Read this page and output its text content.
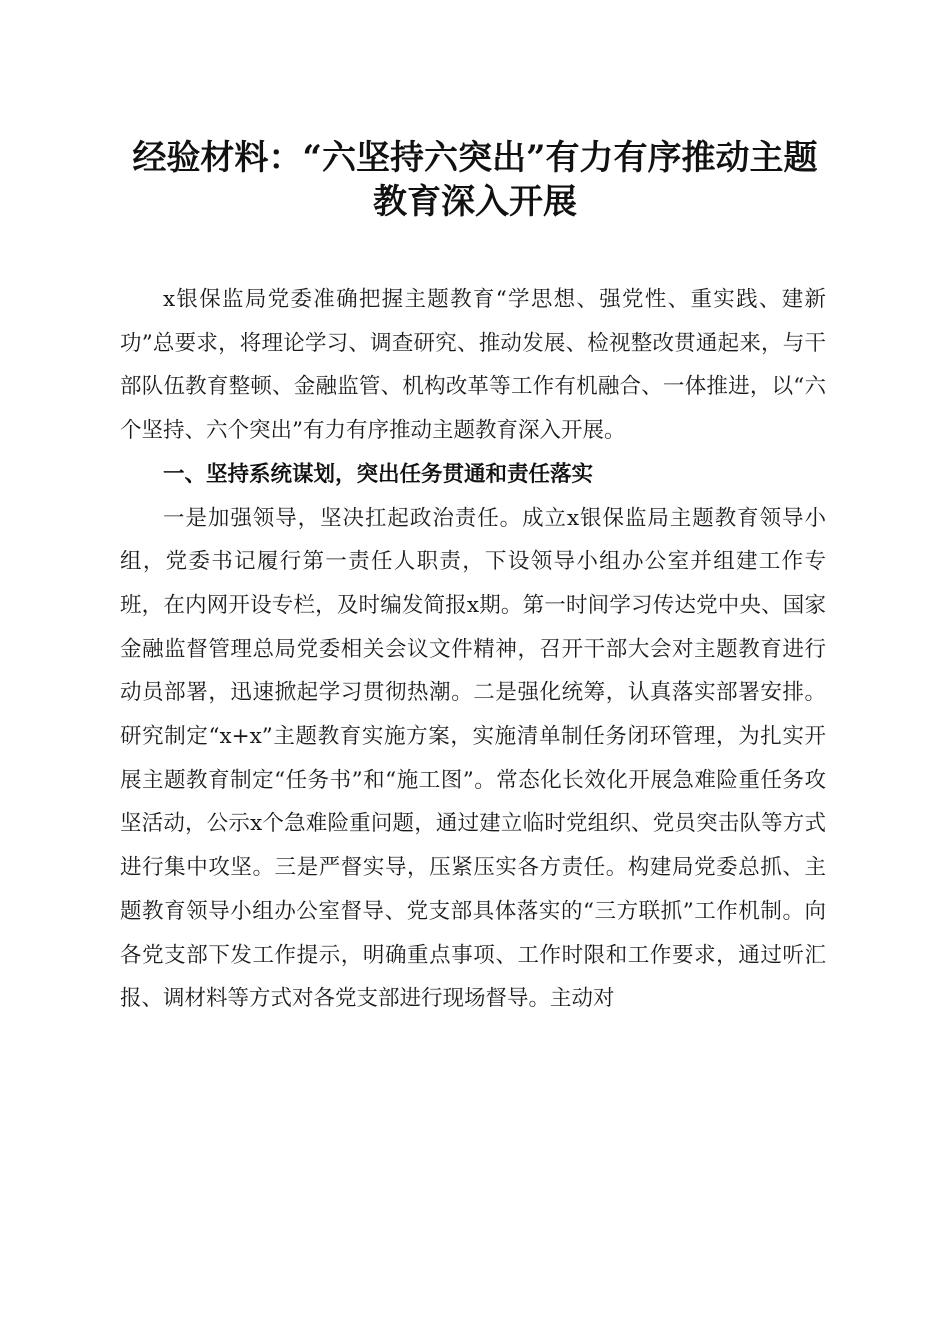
经验材料：“六坚持六突出”有力有序推动主题教育深入开展

x银保监局党委准确把握主题教育“学思想、强党性、重实践、建新功”总要求，将理论学习、调查研究、推动发展、检视整改贯通起来，与干部队伍教育整顿、金融监管、机构改革等工作有机融合、一体推进，以“六个坚持、六个突出”有力有序推动主题教育深入开展。

一、坚持系统谋划，突出任务贯通和责任落实

一是加强领导，坚决扛起政治责任。成立x银保监局主题教育领导小组，党委书记履行第一责任人职责，下设领导小组办公室并组建工作专班，在内网开设专栏，及时编发简报x期。第一时间学习传达党中央、国家金融监督管理总局党委相关会议文件精神，召开干部大会对主题教育进行动员部署，迅速掀起学习贯彻热潮。二是强化统筹，认真落实部署安排。研究制定“x+x”主题教育实施方案，实施清单制任务闭环管理，为扎实开展主题教育制定“任务书”和“施工图”。常态化长效化开展急难险重任务攻坚活动，公示x个急难险重问题，通过建立临时党组织、党员突击队等方式进行集中攻坚。三是严督实导，压紧压实各方责任。构建局党委总抓、主题教育领导小组办公室督导、党支部具体落实的“三方联抓”工作机制。向各党支部下发工作提示，明确重点事项、工作时限和工作要求，通过听汇报、调材料等方式对各党支部进行现场督导。主动对
